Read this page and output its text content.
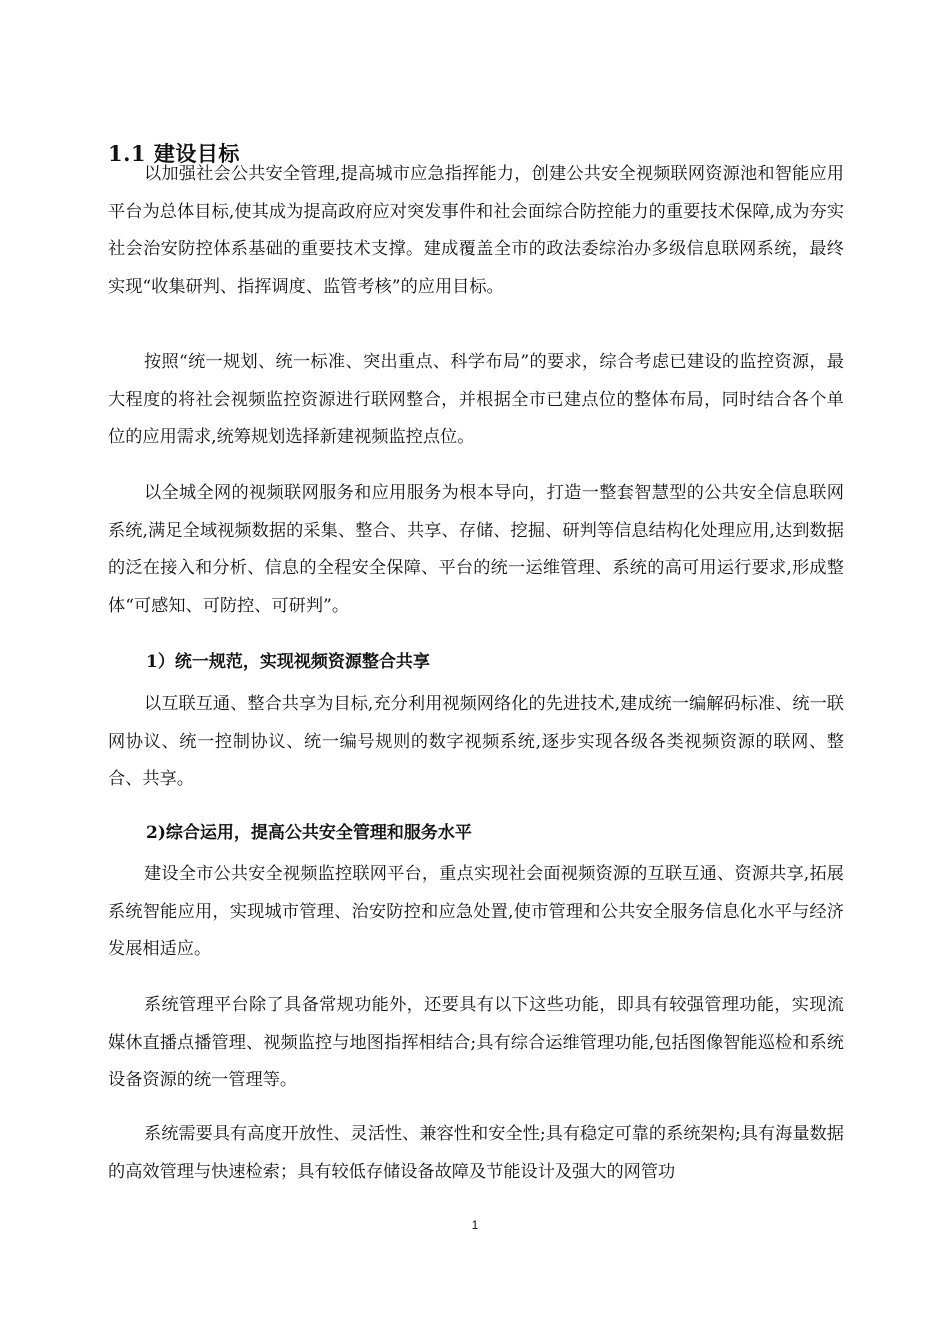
1.1 建设目标

以加强社会公共安全管理,提高城市应急指挥能力，创建公共安全视频联网资源池和智能应用平台为总体目标,使其成为提高政府应对突发事件和社会面综合防控能力的重要技术保障,成为夯实社会治安防控体系基础的重要技术支撑。建成覆盖全市的政法委综治办多级信息联网系统，最终实现“收集研判、指挥调度、监管考核”的应用目标。

按照“统一规划、统一标准、突出重点、科学布局”的要求，综合考虑已建设的监控资源，最大程度的将社会视频监控资源进行联网整合，并根据全市已建点位的整体布局，同时结合各个单位的应用需求,统筹规划选择新建视频监控点位。

以全城全网的视频联网服务和应用服务为根本导向，打造一整套智慧型的公共安全信息联网系统,满足全域视频数据的采集、整合、共享、存储、挖掘、研判等信息结构化处理应用,达到数据的泛在接入和分析、信息的全程安全保障、平台的统一运维管理、系统的高可用运行要求,形成整体“可感知、可防控、可研判”。

1）统一规范，实现视频资源整合共享

以互联互通、整合共享为目标,充分利用视频网络化的先进技术,建成统一编解码标准、统一联网协议、统一控制协议、统一编号规则的数字视频系统,逐步实现各级各类视频资源的联网、整合、共享。

2)综合运用，提高公共安全管理和服务水平

建设全市公共安全视频监控联网平台，重点实现社会面视频资源的互联互通、资源共享,拓展系统智能应用，实现城市管理、治安防控和应急处置,使市管理和公共安全服务信息化水平与经济发展相适应。

系统管理平台除了具备常规功能外，还要具有以下这些功能，即具有较强管理功能，实现流媒休直播点播管理、视频监控与地图指挥相结合;具有综合运维管理功能,包括图像智能巡检和系统设备资源的统一管理等。

系统需要具有高度开放性、灵活性、兼容性和安全性;具有稳定可靠的系统架构;具有海量数据的高效管理与快速检索；具有较低存储设备故障及节能设计及强大的网管功

1
